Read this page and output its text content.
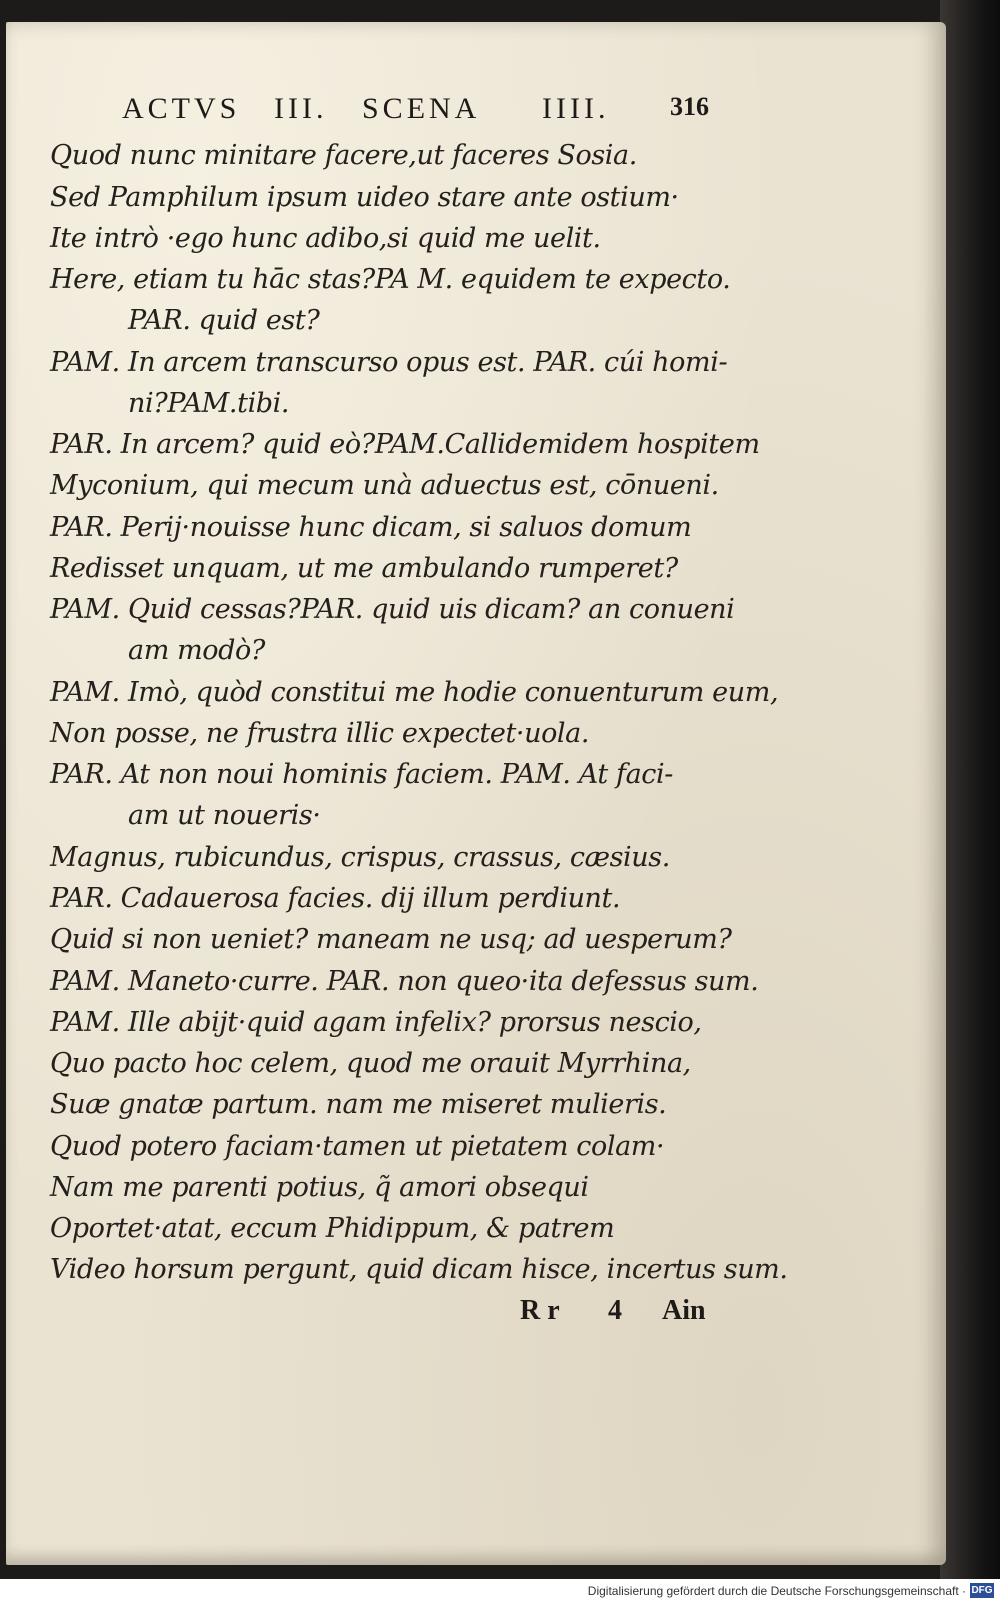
ACTVS III. SCENA IIII. 316
Quod nunc minitare facere,ut faceres Sosia.
Sed Pamphilum ipsum uideo stare ante ostium·
Ite intrò ·ego hunc adibo,si quid me uelit.
Here, etiam tu hāc stas?PA M. equidem te expecto.
PAR. quid est?
PAM. In arcem transcurso opus est. PAR. cúi homi-
ni?PAM.tibi.
PAR. In arcem? quid eò?PAM.Callidemidem hospitem
Myconium, qui mecum unà aduectus est, cōnueni.
PAR. Perij·nouisse hunc dicam, si saluos domum
Redisset unquam, ut me ambulando rumperet?
PAM. Quid cessas?PAR. quid uis dicam? an conueni
am modò?
PAM. Imò, quòd constitui me hodie conuenturum eum,
Non posse, ne frustra illic expectet·uola.
PAR. At non noui hominis faciem. PAM. At faci-
am ut noueris·
Magnus, rubicundus, crispus, crassus, cæsius.
PAR. Cadauerosa facies. dij illum perdiunt.
Quid si non ueniet? maneam ne usq; ad uesperum?
PAM. Maneto·curre. PAR. non queo·ita defessus sum.
PAM. Ille abijt·quid agam infelix? prorsus nescio,
Quo pacto hoc celem, quod me orauit Myrrhina,
Suæ gnatæ partum. nam me miseret mulieris.
Quod potero faciam·tamen ut pietatem colam·
Nam me parenti potius, q̃ amori obsequi
Oportet·atat, eccum Phidippum, & patrem
Video horsum pergunt, quid dicam hisce, incertus sum.
R r 4 Ain
Digitalisierung gefördert durch die Deutsche Forschungsgemeinschaft · DFG
